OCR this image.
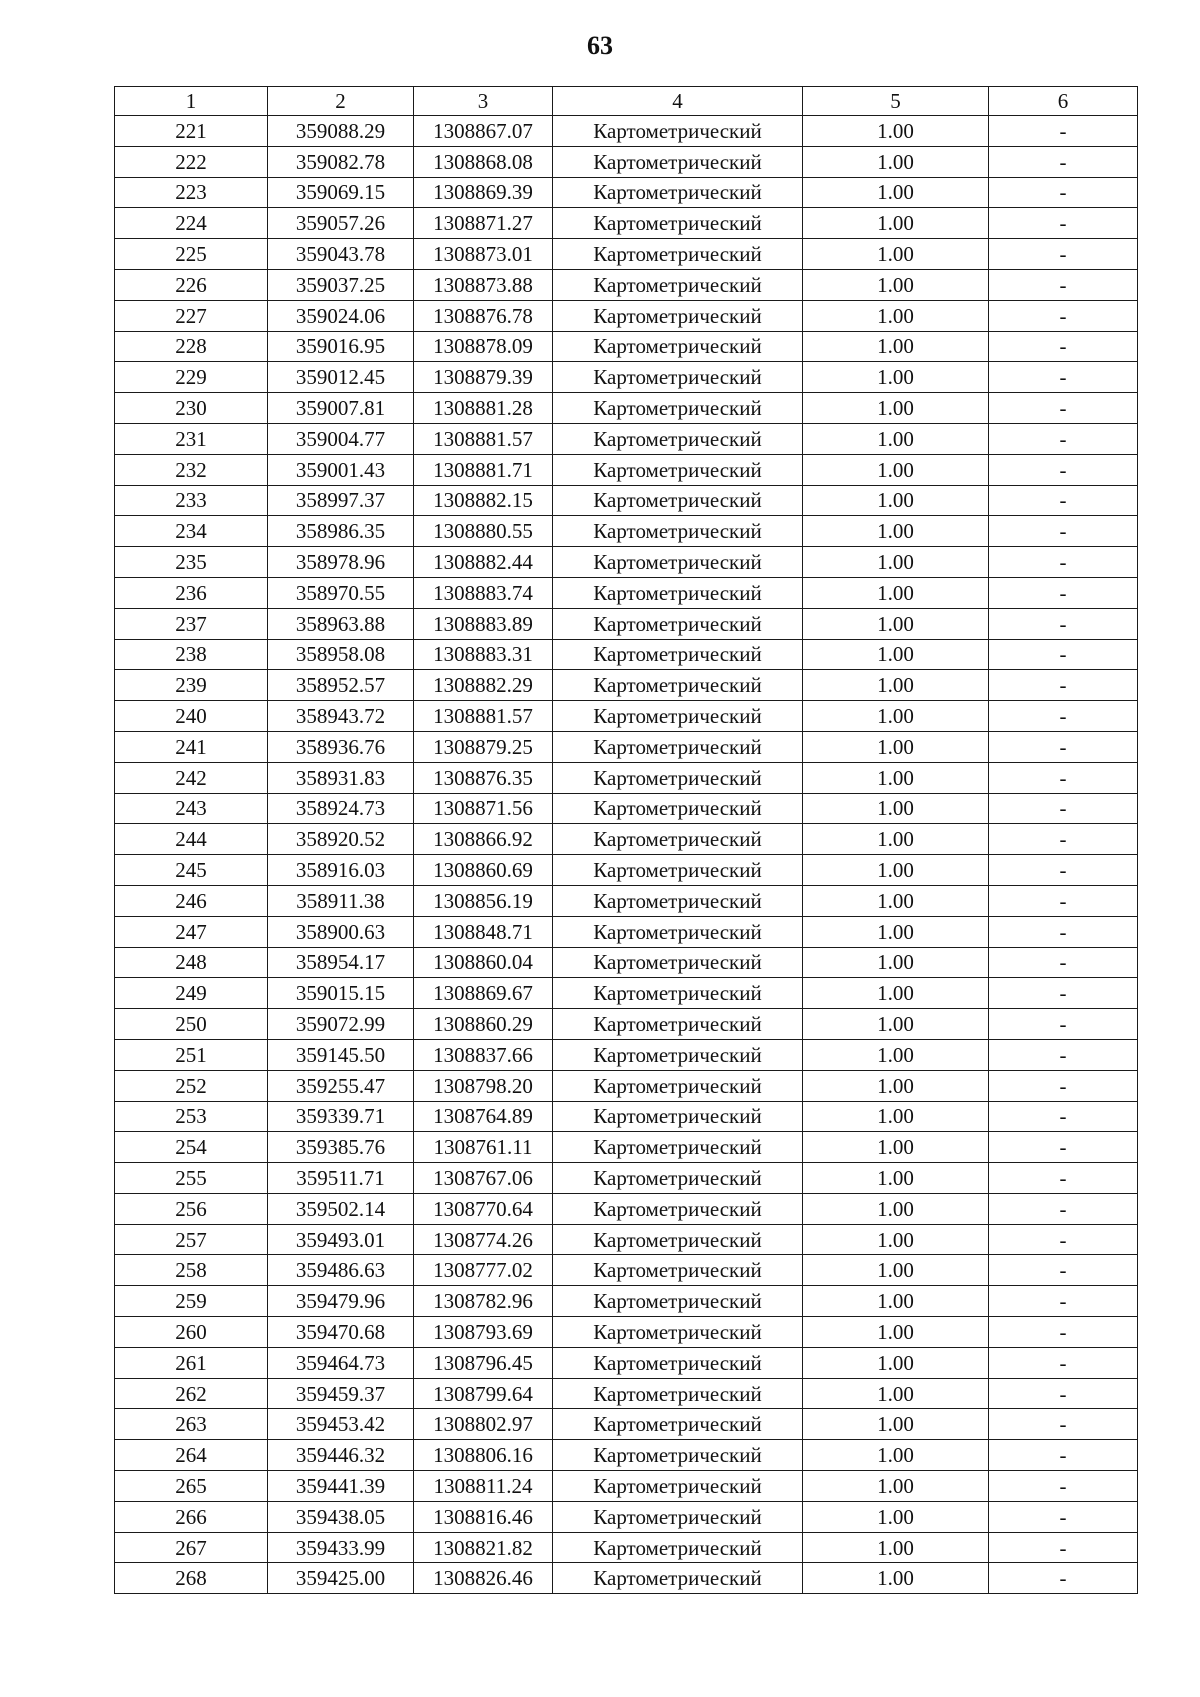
63
1	2	3	4	5	6
221	359088.29	1308867.07	Картометрический	1.00	-
222	359082.78	1308868.08	Картометрический	1.00	-
223	359069.15	1308869.39	Картометрический	1.00	-
224	359057.26	1308871.27	Картометрический	1.00	-
225	359043.78	1308873.01	Картометрический	1.00	-
226	359037.25	1308873.88	Картометрический	1.00	-
227	359024.06	1308876.78	Картометрический	1.00	-
228	359016.95	1308878.09	Картометрический	1.00	-
229	359012.45	1308879.39	Картометрический	1.00	-
230	359007.81	1308881.28	Картометрический	1.00	-
231	359004.77	1308881.57	Картометрический	1.00	-
232	359001.43	1308881.71	Картометрический	1.00	-
233	358997.37	1308882.15	Картометрический	1.00	-
234	358986.35	1308880.55	Картометрический	1.00	-
235	358978.96	1308882.44	Картометрический	1.00	-
236	358970.55	1308883.74	Картометрический	1.00	-
237	358963.88	1308883.89	Картометрический	1.00	-
238	358958.08	1308883.31	Картометрический	1.00	-
239	358952.57	1308882.29	Картометрический	1.00	-
240	358943.72	1308881.57	Картометрический	1.00	-
241	358936.76	1308879.25	Картометрический	1.00	-
242	358931.83	1308876.35	Картометрический	1.00	-
243	358924.73	1308871.56	Картометрический	1.00	-
244	358920.52	1308866.92	Картометрический	1.00	-
245	358916.03	1308860.69	Картометрический	1.00	-
246	358911.38	1308856.19	Картометрический	1.00	-
247	358900.63	1308848.71	Картометрический	1.00	-
248	358954.17	1308860.04	Картометрический	1.00	-
249	359015.15	1308869.67	Картометрический	1.00	-
250	359072.99	1308860.29	Картометрический	1.00	-
251	359145.50	1308837.66	Картометрический	1.00	-
252	359255.47	1308798.20	Картометрический	1.00	-
253	359339.71	1308764.89	Картометрический	1.00	-
254	359385.76	1308761.11	Картометрический	1.00	-
255	359511.71	1308767.06	Картометрический	1.00	-
256	359502.14	1308770.64	Картометрический	1.00	-
257	359493.01	1308774.26	Картометрический	1.00	-
258	359486.63	1308777.02	Картометрический	1.00	-
259	359479.96	1308782.96	Картометрический	1.00	-
260	359470.68	1308793.69	Картометрический	1.00	-
261	359464.73	1308796.45	Картометрический	1.00	-
262	359459.37	1308799.64	Картометрический	1.00	-
263	359453.42	1308802.97	Картометрический	1.00	-
264	359446.32	1308806.16	Картометрический	1.00	-
265	359441.39	1308811.24	Картометрический	1.00	-
266	359438.05	1308816.46	Картометрический	1.00	-
267	359433.99	1308821.82	Картометрический	1.00	-
268	359425.00	1308826.46	Картометрический	1.00	-
